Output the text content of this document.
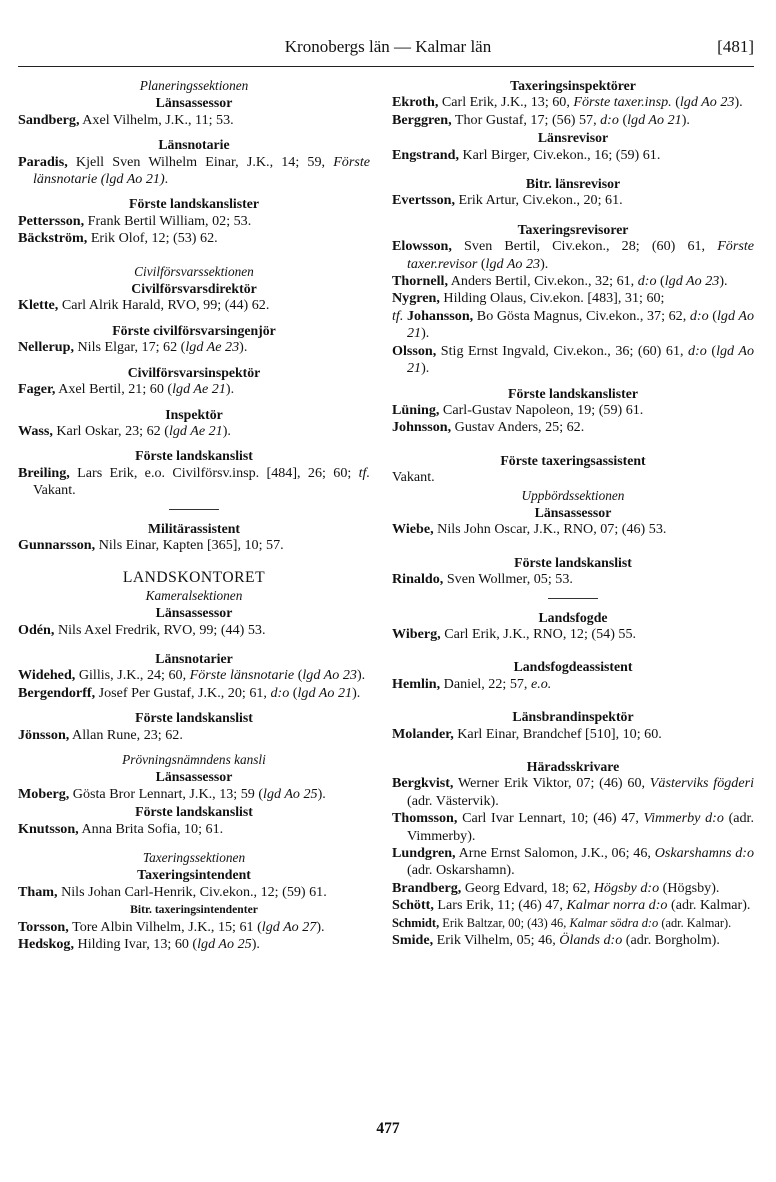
Kronobergs län — Kalmar län	[481]
Planeringssektionen
Länsassessor
Sandberg, Axel Vilhelm, J.K., 11; 53.
Länsnotarie
Paradis, Kjell Sven Wilhelm Einar, J.K., 14; 59, Förste länsnotarie (lgd Ao 21).
Förste landskanslister
Pettersson, Frank Bertil William, 02; 53.
Bäckström, Erik Olof, 12; (53) 62.
Civilförsvarssektionen
Civilförsvarsdirektör
Klette, Carl Alrik Harald, RVO, 99; (44) 62.
Förste civilförsvarsingenjör
Nellerup, Nils Elgar, 17; 62 (lgd Ae 23).
Civilförsvarsinspektör
Fager, Axel Bertil, 21; 60 (lgd Ae 21).
Inspektör
Wass, Karl Oskar, 23; 62 (lgd Ae 21).
Förste landskanslist
Breiling, Lars Erik, e.o. Civilförsv.insp. [484], 26; 60; tf. Vakant.
Militärassistent
Gunnarsson, Nils Einar, Kapten [365], 10; 57.
LANDSKONTORET
Kameralsektionen
Länsassessor
Odén, Nils Axel Fredrik, RVO, 99; (44) 53.
Länsnotarier
Widehed, Gillis, J.K., 24; 60, Förste länsnotarie (lgd Ao 23).
Bergendorff, Josef Per Gustaf, J.K., 20; 61, d:o (lgd Ao 21).
Förste landskanslist
Jönsson, Allan Rune, 23; 62.
Prövningsnämndens kansli
Länsassessor
Moberg, Gösta Bror Lennart, J.K., 13; 59 (lgd Ao 25).
Förste landskanslist
Knutsson, Anna Brita Sofia, 10; 61.
Taxeringssektionen
Taxeringsintendent
Tham, Nils Johan Carl-Henrik, Civ.ekon., 12; (59) 61.
Bitr. taxeringsintendenter
Torsson, Tore Albin Vilhelm, J.K., 15; 61 (lgd Ao 27).
Hedskog, Hilding Ivar, 13; 60 (lgd Ao 25).
Taxeringsinspektörer
Ekroth, Carl Erik, J.K., 13; 60, Förste taxer.insp. (lgd Ao 23).
Berggren, Thor Gustaf, 17; (56) 57, d:o (lgd Ao 21).
Länsrevisor
Engstrand, Karl Birger, Civ.ekon., 16; (59) 61.
Bitr. länsrevisor
Evertsson, Erik Artur, Civ.ekon., 20; 61.
Taxeringsrevisorer
Elowsson, Sven Bertil, Civ.ekon., 28; (60) 61, Förste taxer.revisor (lgd Ao 23).
Thornell, Anders Bertil, Civ.ekon., 32; 61, d:o (lgd Ao 23).
Nygren, Hilding Olaus, Civ.ekon. [483], 31; 60;
tf. Johansson, Bo Gösta Magnus, Civ.ekon., 37; 62, d:o (lgd Ao 21).
Olsson, Stig Ernst Ingvald, Civ.ekon., 36; (60) 61, d:o (lgd Ao 21).
Förste landskanslister
Lüning, Carl-Gustav Napoleon, 19; (59) 61.
Johnsson, Gustav Anders, 25; 62.
Förste taxeringsassistent
Vakant.
Uppbördssektionen
Länsassessor
Wiebe, Nils John Oscar, J.K., RNO, 07; (46) 53.
Förste landskanslist
Rinaldo, Sven Wollmer, 05; 53.
Landsfogde
Wiberg, Carl Erik, J.K., RNO, 12; (54) 55.
Landsfogdeassistent
Hemlin, Daniel, 22; 57, e.o.
Länsbrandinspektör
Molander, Karl Einar, Brandchef [510], 10; 60.
Häradsskrivare
Bergkvist, Werner Erik Viktor, 07; (46) 60, Västerviks fögderi (adr. Västervik).
Thomsson, Carl Ivar Lennart, 10; (46) 47, Vimmerby d:o (adr. Vimmerby).
Lundgren, Arne Ernst Salomon, J.K., 06; 46, Oskarshamns d:o (adr. Oskarshamn).
Brandberg, Georg Edvard, 18; 62, Högsby d:o (Högsby).
Schött, Lars Erik, 11; (46) 47, Kalmar norra d:o (adr. Kalmar).
Schmidt, Erik Baltzar, 00; (43) 46, Kalmar södra d:o (adr. Kalmar).
Smide, Erik Vilhelm, 05; 46, Ölands d:o (adr. Borgholm).
477
